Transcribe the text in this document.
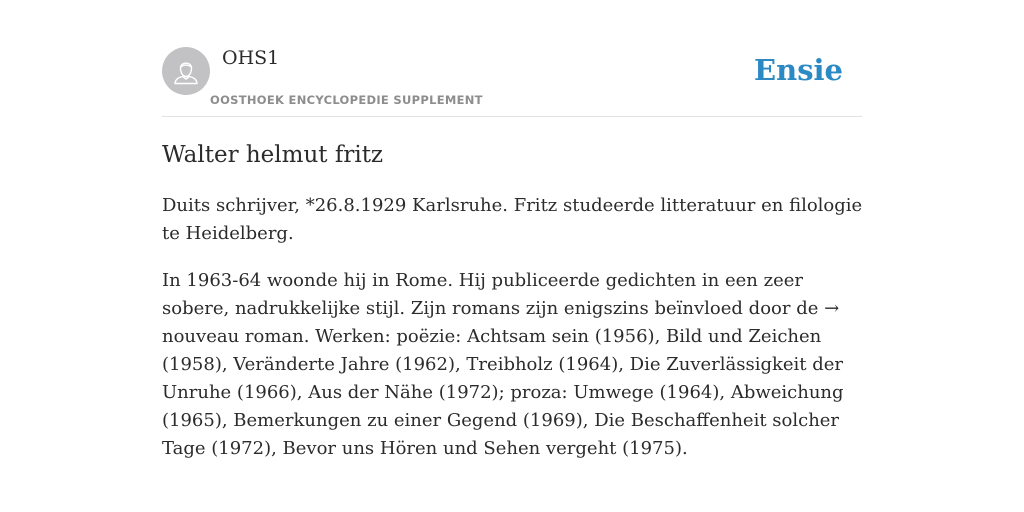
OHS1
OOSTHOEK ENCYCLOPEDIE SUPPLEMENT
Ensie
Walter helmut fritz

Duits schrijver, *26.8.1929 Karlsruhe. Fritz studeerde litteratuur en filologie te Heidelberg.

In 1963-64 woonde hij in Rome. Hij publiceerde gedichten in een zeer sobere, nadrukkelijke stijl. Zijn romans zijn enigszins beïnvloed door de → nouveau roman. Werken: poëzie: Achtsam sein (1956), Bild und Zeichen (1958), Veränderte Jahre (1962), Treibholz (1964), Die Zuverlässigkeit der Unruhe (1966), Aus der Nähe (1972); proza: Umwege (1964), Abweichung (1965), Bemerkungen zu einer Gegend (1969), Die Beschaffenheit solcher Tage (1972), Bevor uns Hören und Sehen vergeht (1975).
